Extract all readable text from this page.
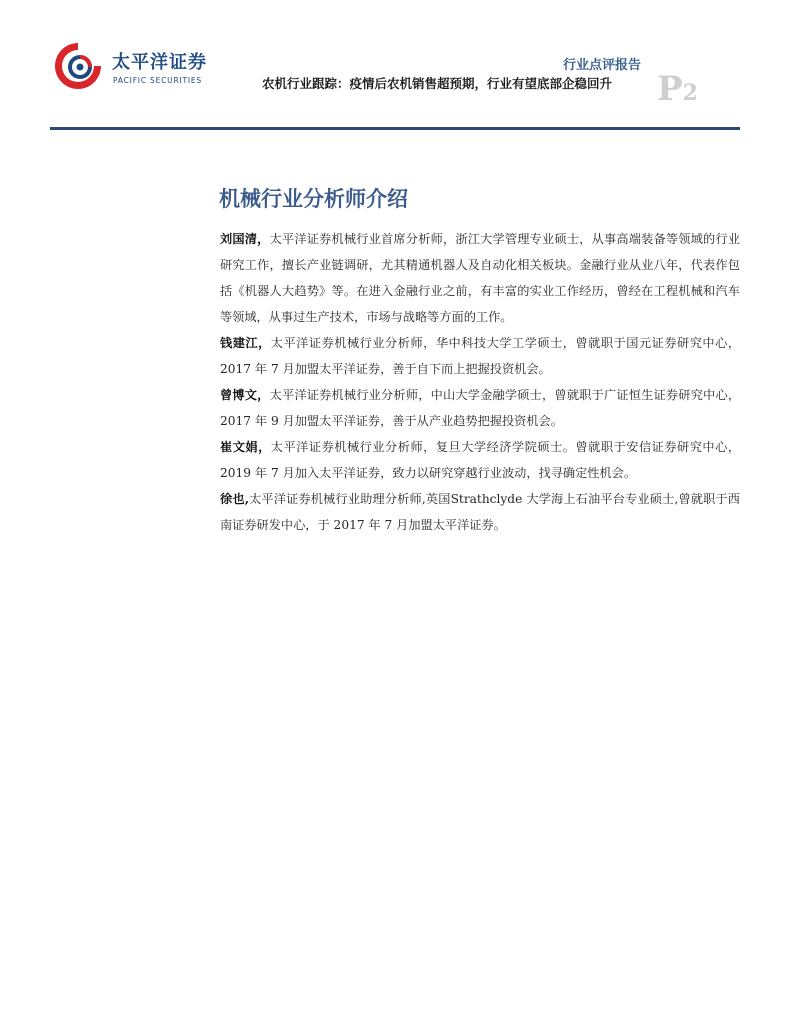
太平洋证券
PACIFIC SECURITIES
行业点评报告
农机行业跟踪：疫情后农机销售超预期，行业有望底部企稳回升 P2
机械行业分析师介绍

刘国清，太平洋证券机械行业首席分析师，浙江大学管理专业硕士，从事高端装备等领域的行业研究工作，擅长产业链调研，尤其精通机器人及自动化相关板块。金融行业从业八年，代表作包括《机器人大趋势》等。在进入金融行业之前，有丰富的实业工作经历，曾经在工程机械和汽车等领域，从事过生产技术，市场与战略等方面的工作。

钱建江，太平洋证券机械行业分析师，华中科技大学工学硕士，曾就职于国元证券研究中心，2017 年 7 月加盟太平洋证券，善于自下而上把握投资机会。

曾博文，太平洋证券机械行业分析师，中山大学金融学硕士，曾就职于广证恒生证券研究中心，2017 年 9 月加盟太平洋证券，善于从产业趋势把握投资机会。

崔文娟，太平洋证券机械行业分析师，复旦大学经济学院硕士。曾就职于安信证券研究中心，2019 年 7 月加入太平洋证券，致力以研究穿越行业波动，找寻确定性机会。

徐也,太平洋证券机械行业助理分析师,英国Strathclyde 大学海上石油平台专业硕士,曾就职于西南证券研发中心，于 2017 年 7 月加盟太平洋证券。
